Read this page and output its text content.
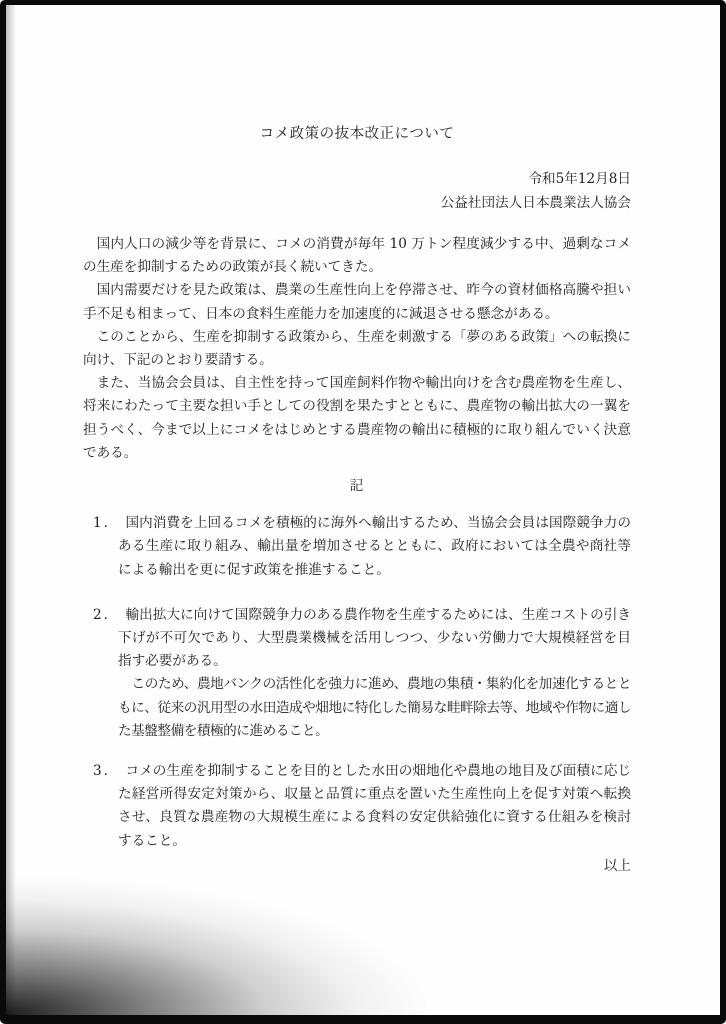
コメ政策の抜本改正について
令和5年12月8日
公益社団法人日本農業法人協会

国内人口の減少等を背景に、コメの消費が毎年 10 万トン程度減少する中、過剰なコメの生産を抑制するための政策が長く続いてきた。

国内需要だけを見た政策は、農業の生産性向上を停滞させ、昨今の資材価格高騰や担い手不足も相まって、日本の食料生産能力を加速度的に減退させる懸念がある。

このことから、生産を抑制する政策から、生産を刺激する「夢のある政策」への転換に向け、下記のとおり要請する。

また、当協会会員は、自主性を持って国産飼料作物や輸出向けを含む農産物を生産し、将来にわたって主要な担い手としての役割を果たすとともに、農産物の輸出拡大の一翼を担うべく、今まで以上にコメをはじめとする農産物の輸出に積極的に取り組んでいく決意である。

記
1． 国内消費を上回るコメを積極的に海外へ輸出するため、当協会会員は国際競争力のある生産に取り組み、輸出量を増加させるとともに、政府においては全農や商社等による輸出を更に促す政策を推進すること。

2． 輸出拡大に向けて国際競争力のある農作物を生産するためには、生産コストの引き下げが不可欠であり、大型農業機械を活用しつつ、少ない労働力で大規模経営を目指す必要がある。

このため、農地バンクの活性化を強力に進め、農地の集積・集約化を加速化するとともに、従来の汎用型の水田造成や畑地に特化した簡易な畦畔除去等、地域や作物に適した基盤整備を積極的に進めること。

3． コメの生産を抑制することを目的とした水田の畑地化や農地の地目及び面積に応じた経営所得安定対策から、収量と品質に重点を置いた生産性向上を促す対策へ転換させ、良質な農産物の大規模生産による食料の安定供給強化に資する仕組みを検討すること。

以上
